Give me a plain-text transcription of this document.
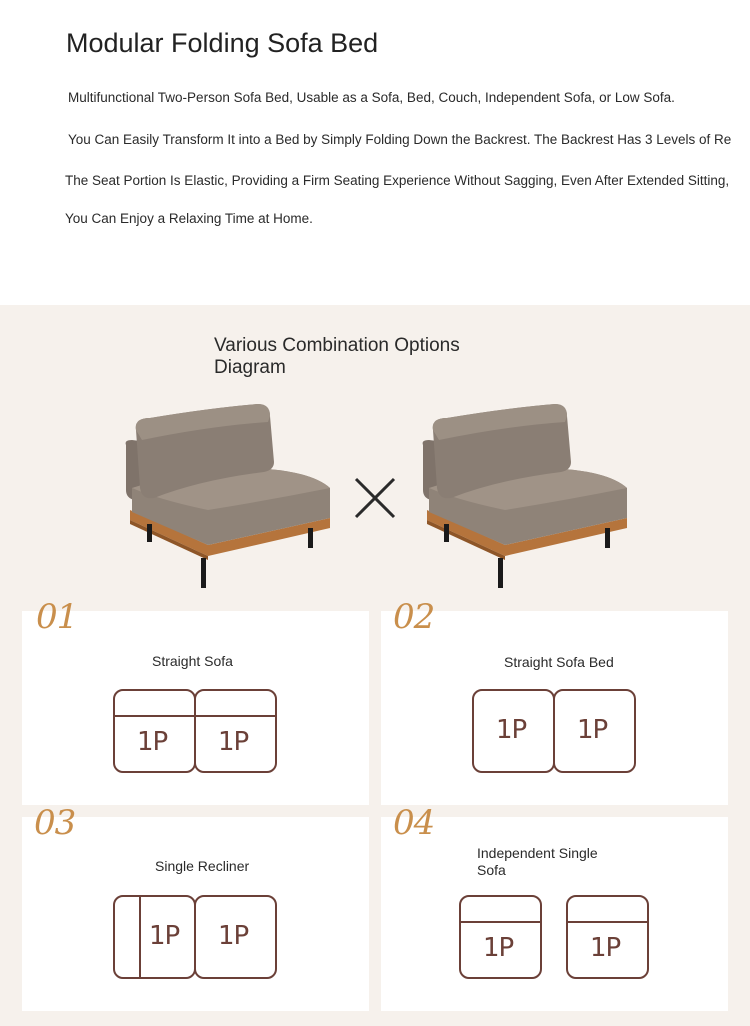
Modular Folding Sofa Bed

Multifunctional Two-Person Sofa Bed, Usable as a Sofa, Bed, Couch, Independent Sofa, or Low Sofa.

You Can Easily Transform It into a Bed by Simply Folding Down the Backrest. The Backrest Has 3 Levels of Re

The Seat Portion Is Elastic, Providing a Firm Seating Experience Without Sagging, Even After Extended Sitting,

You Can Enjoy a Relaxing Time at Home.

Various Combination Options Diagram
01
Straight Sofa
1P 1P
02
Straight Sofa Bed
1P 1P
03
Single Recliner
1P 1P
04
Independent Single Sofa
1P	1P
